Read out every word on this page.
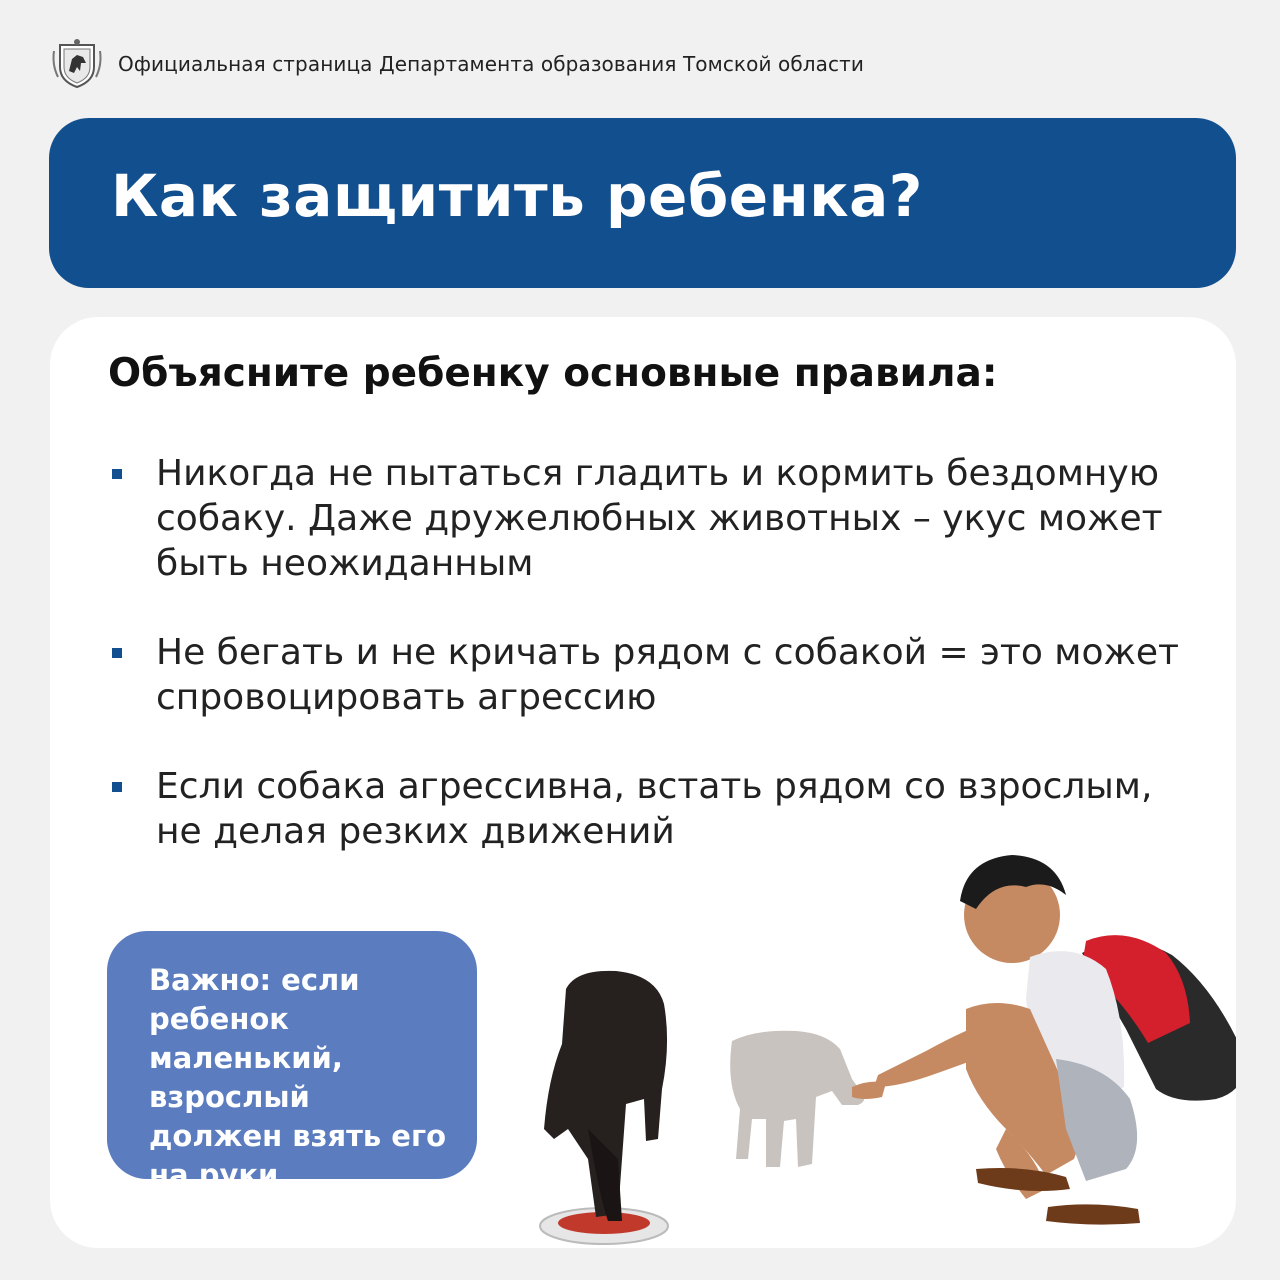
Официальная страница Департамента образования Томской области
Как защитить ребенка?
Объясните ребенку основные правила:
Никогда не пытаться гладить и кормить бездомную собаку. Даже дружелюбных животных – укус может быть неожиданным
Не бегать и не кричать рядом с собакой = это может спровоцировать агрессию
Если собака агрессивна, встать рядом со взрослым, не делая резких движений

Важно: если ребенок маленький, взрослый должен взять его на руки
